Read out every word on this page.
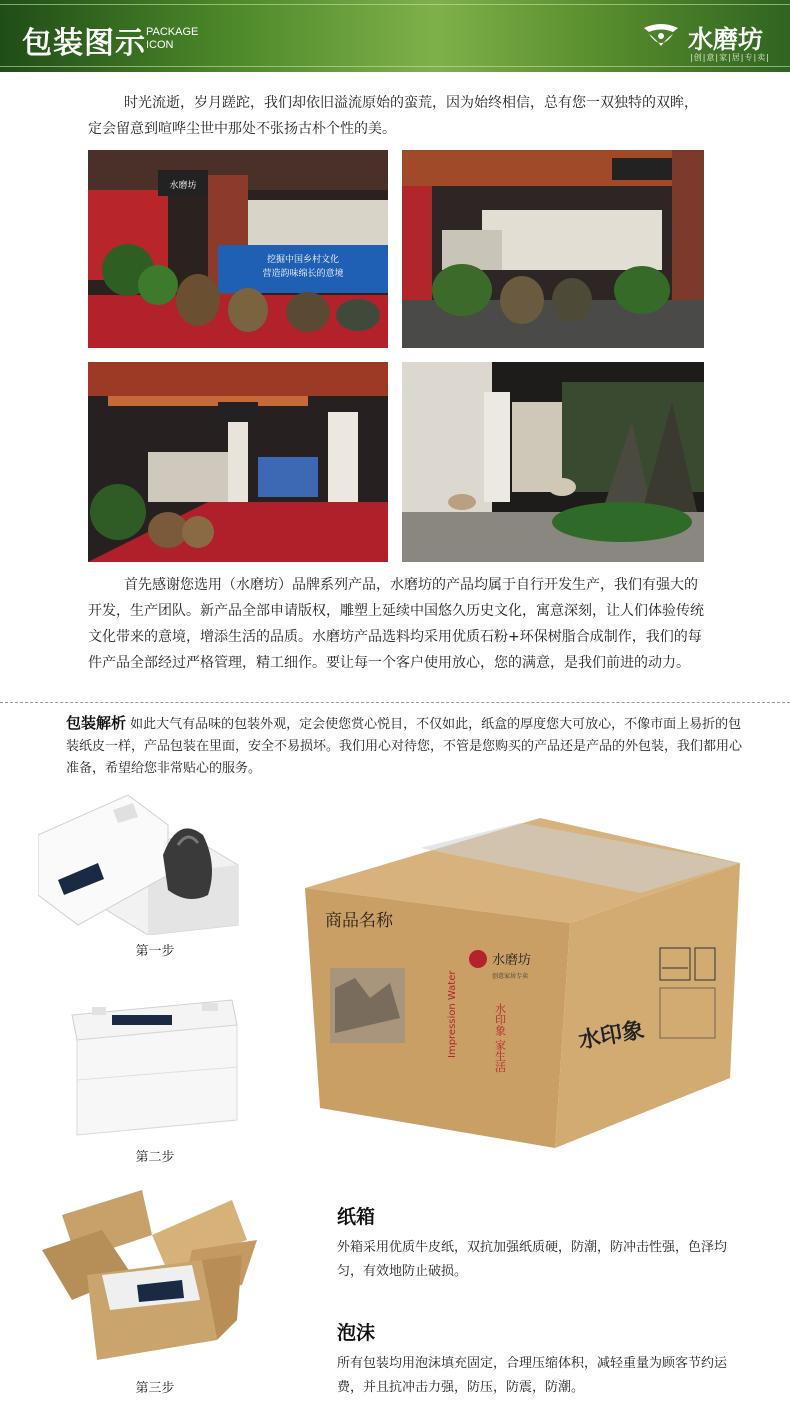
包装图示 PACKAGE
ICON	水磨坊
|创|意|家|居|专|卖|
时光流逝，岁月蹉跎，我们却依旧溢流原始的蛮荒，因为始终相信，总有您一双独特的双眸，定会留意到喧哗尘世中那处不张扬古朴个性的美。
水磨坊
挖掘中国乡村文化
营造韵味绵长的意境
首先感谢您选用（水磨坊）品牌系列产品，水磨坊的产品均属于自行开发生产，我们有强大的开发，生产团队。新产品全部申请版权，雕塑上延续中国悠久历史文化，寓意深刻，让人们体验传统文化带来的意境，增添生活的品质。水磨坊产品选料均采用优质石粉+环保树脂合成制作，我们的每件产品全部经过严格管理，精工细作。要让每一个客户使用放心，您的满意，是我们前进的动力。
包装解析 如此大气有品味的包装外观，定会使您赏心悦目，不仅如此，纸盒的厚度您大可放心，不像市面上易折的包装纸皮一样，产品包装在里面，安全不易损坏。我们用心对待您，不管是您购买的产品还是产品的外包装，我们都用心准备，希望给您非常贴心的服务。
第一步
第二步
第三步
商品名称
水磨坊
创意家居专卖
水印象 家生活
Impression Water	水印象
纸箱
外箱采用优质牛皮纸，双抗加强纸质硬，防潮，防冲击性强，色泽均匀，有效地防止破损。
泡沫
所有包装均用泡沫填充固定，合理压缩体积，减轻重量为顾客节约运费，并且抗冲击力强，防压，防震，防潮。
